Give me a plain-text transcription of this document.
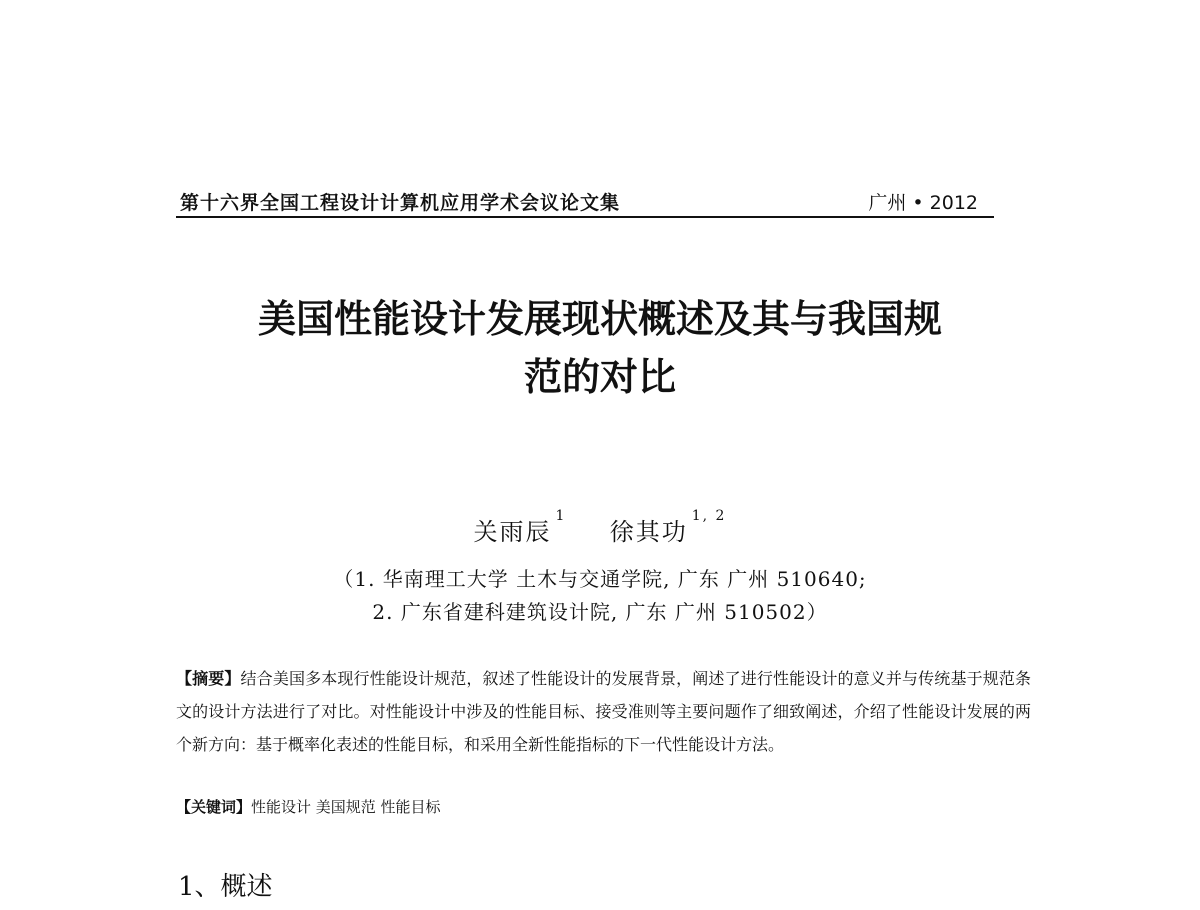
第十六界全国工程设计计算机应用学术会议论文集	广州 • 2012
美国性能设计发展现状概述及其与我国规
范的对比
关雨辰$^1$  徐其功$^{1, 2}$
（1. 华南理工大学 土木与交通学院, 广东 广州 510640;
2. 广东省建科建筑设计院, 广东 广州 510502）
【摘要】结合美国多本现行性能设计规范，叙述了性能设计的发展背景，阐述了进行性能设计的意义并与传统基于规范条文的设计方法进行了对比。对性能设计中涉及的性能目标、接受准则等主要问题作了细致阐述，介绍了性能设计发展的两个新方向：基于概率化表述的性能目标，和采用全新性能指标的下一代性能设计方法。
【关键词】性能设计 美国规范 性能目标
1、概述
